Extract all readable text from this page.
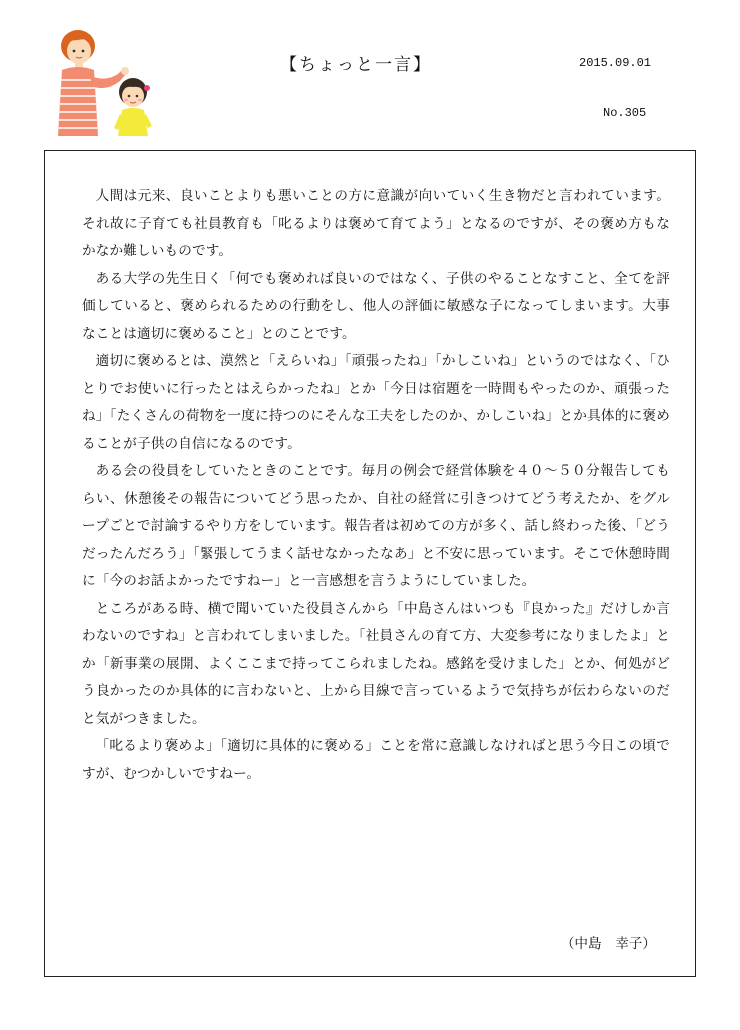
【ちょっと一言】	2015.09.01
No.305

人間は元来、良いことよりも悪いことの方に意識が向いていく生き物だと言われています。それ故に子育ても社員教育も「叱るよりは褒めて育てよう」となるのですが、その褒め方もなかなか難しいものです。

ある大学の先生日く「何でも褒めれば良いのではなく、子供のやることなすこと、全てを評価していると、褒められるための行動をし、他人の評価に敏感な子になってしまいます。大事なことは適切に褒めること」とのことです。

適切に褒めるとは、漠然と「えらいね」「頑張ったね」「かしこいね」というのではなく、「ひとりでお使いに行ったとはえらかったね」とか「今日は宿題を一時間もやったのか、頑張ったね」「たくさんの荷物を一度に持つのにそんな工夫をしたのか、かしこいね」とか具体的に褒めることが子供の自信になるのです。

ある会の役員をしていたときのことです。毎月の例会で経営体験を４０～５０分報告してもらい、休憩後その報告についてどう思ったか、自社の経営に引きつけてどう考えたか、をグループごとで討論するやり方をしています。報告者は初めての方が多く、話し終わった後、「どうだったんだろう」「緊張してうまく話せなかったなあ」と不安に思っています。そこで休憩時間に「今のお話よかったですねー」と一言感想を言うようにしていました。

ところがある時、横で聞いていた役員さんから「中島さんはいつも『良かった』だけしか言わないのですね」と言われてしまいました。「社員さんの育て方、大変参考になりましたよ」とか「新事業の展開、よくここまで持ってこられましたね。感銘を受けました」とか、何処がどう良かったのか具体的に言わないと、上から目線で言っているようで気持ちが伝わらないのだと気がつきました。

「叱るより褒めよ」「適切に具体的に褒める」ことを常に意識しなければと思う今日この頃ですが、むつかしいですねー。

（中島　幸子）
